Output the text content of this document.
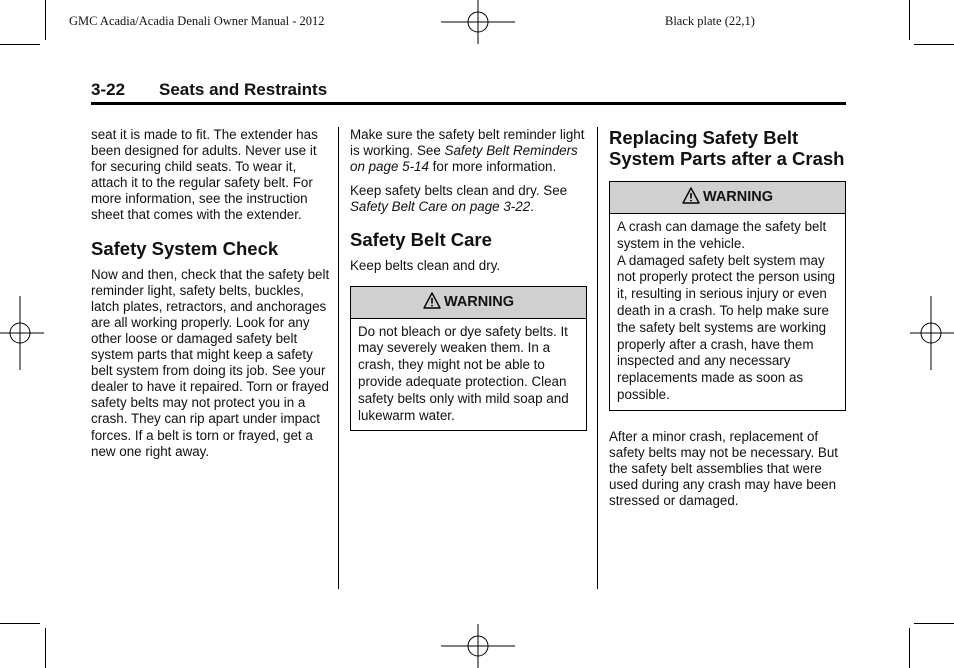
GMC Acadia/Acadia Denali Owner Manual - 2012	Black plate (22,1)
3-22 Seats and Restraints

seat it is made to fit. The extender has been designed for adults. Never use it for securing child seats. To wear it, attach it to the regular safety belt. For more information, see the instruction sheet that comes with the extender.

Safety System Check

Now and then, check that the safety belt reminder light, safety belts, buckles, latch plates, retractors, and anchorages are all working properly. Look for any other loose or damaged safety belt system parts that might keep a safety belt system from doing its job. See your dealer to have it repaired. Torn or frayed safety belts may not protect you in a crash. They can rip apart under impact forces. If a belt is torn or frayed, get a new one right away.

Make sure the safety belt reminder light is working. See Safety Belt Reminders on page 5-14 for more information.

Keep safety belts clean and dry. See Safety Belt Care on page 3-22.

Safety Belt Care

Keep belts clean and dry.

WARNING

Do not bleach or dye safety belts. It may severely weaken them. In a crash, they might not be able to provide adequate protection. Clean safety belts only with mild soap and lukewarm water.

Replacing Safety Belt System Parts after a Crash
WARNING

A crash can damage the safety belt system in the vehicle.

A damaged safety belt system may not properly protect the person using it, resulting in serious injury or even death in a crash. To help make sure the safety belt systems are working properly after a crash, have them inspected and any necessary replacements made as soon as possible.

After a minor crash, replacement of safety belts may not be necessary. But the safety belt assemblies that were used during any crash may have been stressed or damaged.
